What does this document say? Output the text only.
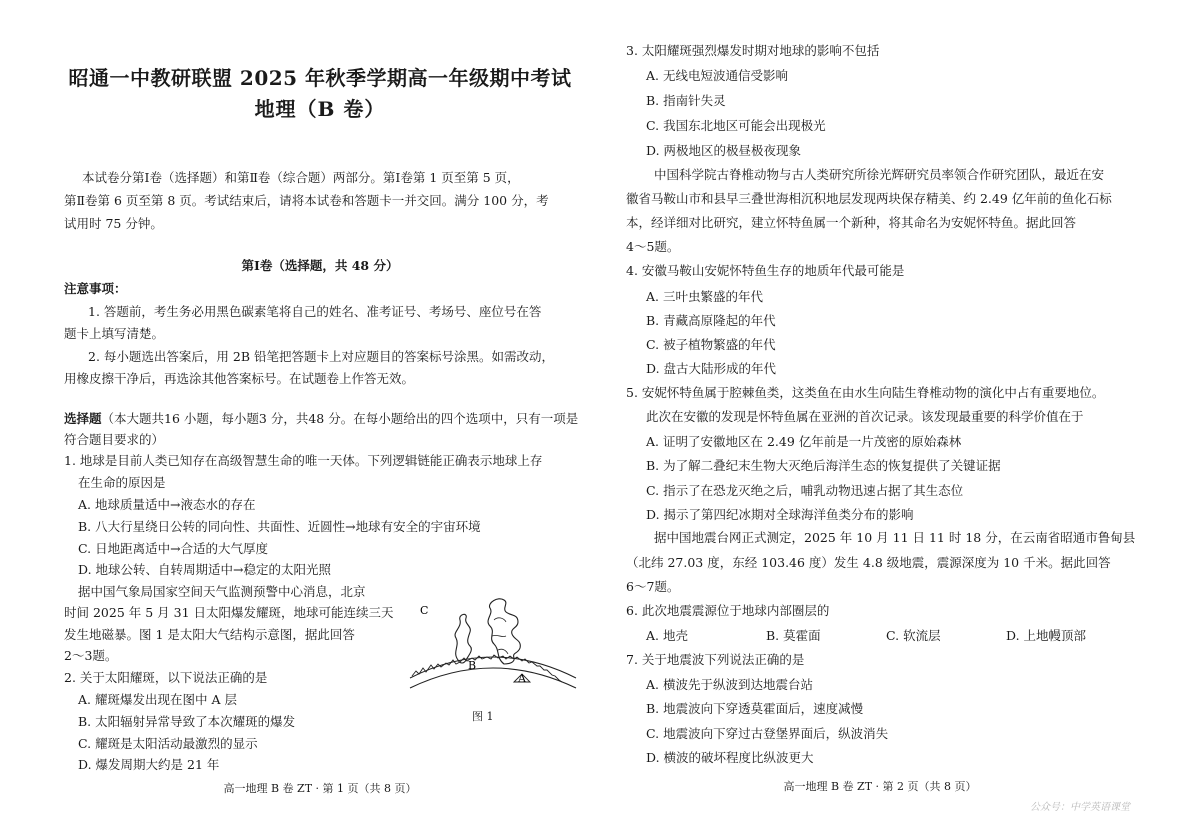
昭通一中教研联盟 2025 年秋季学期高一年级期中考试
地理（B 卷）
本试卷分第Ⅰ卷（选择题）和第Ⅱ卷（综合题）两部分。第Ⅰ卷第 1 页至第 5 页，
第Ⅱ卷第 6 页至第 8 页。考试结束后，请将本试卷和答题卡一并交回。满分 100 分，考
试用时 75 分钟。
第Ⅰ卷（选择题，共 48 分）
注意事项：
1. 答题前，考生务必用黑色碳素笔将自己的姓名、准考证号、考场号、座位号在答
题卡上填写清楚。
2. 每小题选出答案后，用 2B 铅笔把答题卡上对应题目的答案标号涂黑。如需改动，
用橡皮擦干净后，再选涂其他答案标号。在试题卷上作答无效。
选择题（本大题共16 小题，每小题3 分，共48 分。在每小题给出的四个选项中，只有一项是
符合题目要求的）
1. 地球是目前人类已知存在高级智慧生命的唯一天体。下列逻辑链能正确表示地球上存
在生命的原因是
A. 地球质量适中→液态水的存在
B. 八大行星绕日公转的同向性、共面性、近圆性→地球有安全的宇宙环境
C. 日地距离适中→合适的大气厚度
D. 地球公转、自转周期适中→稳定的太阳光照
据中国气象局国家空间天气监测预警中心消息，北京
时间 2025 年 5 月 31 日太阳爆发耀斑，地球可能连续三天
发生地磁暴。图 1 是太阳大气结构示意图，据此回答
2～3题。
2. 关于太阳耀斑，以下说法正确的是
A. 耀斑爆发出现在图中 A 层
B. 太阳辐射异常导致了本次耀斑的爆发
C. 耀斑是太阳活动最激烈的显示
D. 爆发周期大约是 21 年
C
B
A
图 1
高一地理 B 卷 ZT · 第 1 页（共 8 页）
3. 太阳耀斑强烈爆发时期对地球的影响不包括
A. 无线电短波通信受影响
B. 指南针失灵
C. 我国东北地区可能会出现极光
D. 两极地区的极昼极夜现象
中国科学院古脊椎动物与古人类研究所徐光辉研究员率领合作研究团队，最近在安
徽省马鞍山市和县早三叠世海相沉积地层发现两块保存精美、约 2.49 亿年前的鱼化石标
本，经详细对比研究，建立怀特鱼属一个新种，将其命名为安妮怀特鱼。据此回答
4～5题。
4. 安徽马鞍山安妮怀特鱼生存的地质年代最可能是
A. 三叶虫繁盛的年代
B. 青藏高原隆起的年代
C. 被子植物繁盛的年代
D. 盘古大陆形成的年代
5. 安妮怀特鱼属于腔棘鱼类，这类鱼在由水生向陆生脊椎动物的演化中占有重要地位。
此次在安徽的发现是怀特鱼属在亚洲的首次记录。该发现最重要的科学价值在于
A. 证明了安徽地区在 2.49 亿年前是一片茂密的原始森林
B. 为了解二叠纪末生物大灭绝后海洋生态的恢复提供了关键证据
C. 指示了在恐龙灭绝之后，哺乳动物迅速占据了其生态位
D. 揭示了第四纪冰期对全球海洋鱼类分布的影响
据中国地震台网正式测定，2025 年 10 月 11 日 11 时 18 分，在云南省昭通市鲁甸县
（北纬 27.03 度，东经 103.46 度）发生 4.8 级地震，震源深度为 10 千米。据此回答
6～7题。
6. 此次地震震源位于地球内部圈层的
A. 地壳	B. 莫霍面	C. 软流层	D. 上地幔顶部
7. 关于地震波下列说法正确的是
A. 横波先于纵波到达地震台站
B. 地震波向下穿透莫霍面后，速度减慢
C. 地震波向下穿过古登堡界面后，纵波消失
D. 横波的破坏程度比纵波更大
高一地理 B 卷 ZT · 第 2 页（共 8 页）
公众号：中学英语课堂
